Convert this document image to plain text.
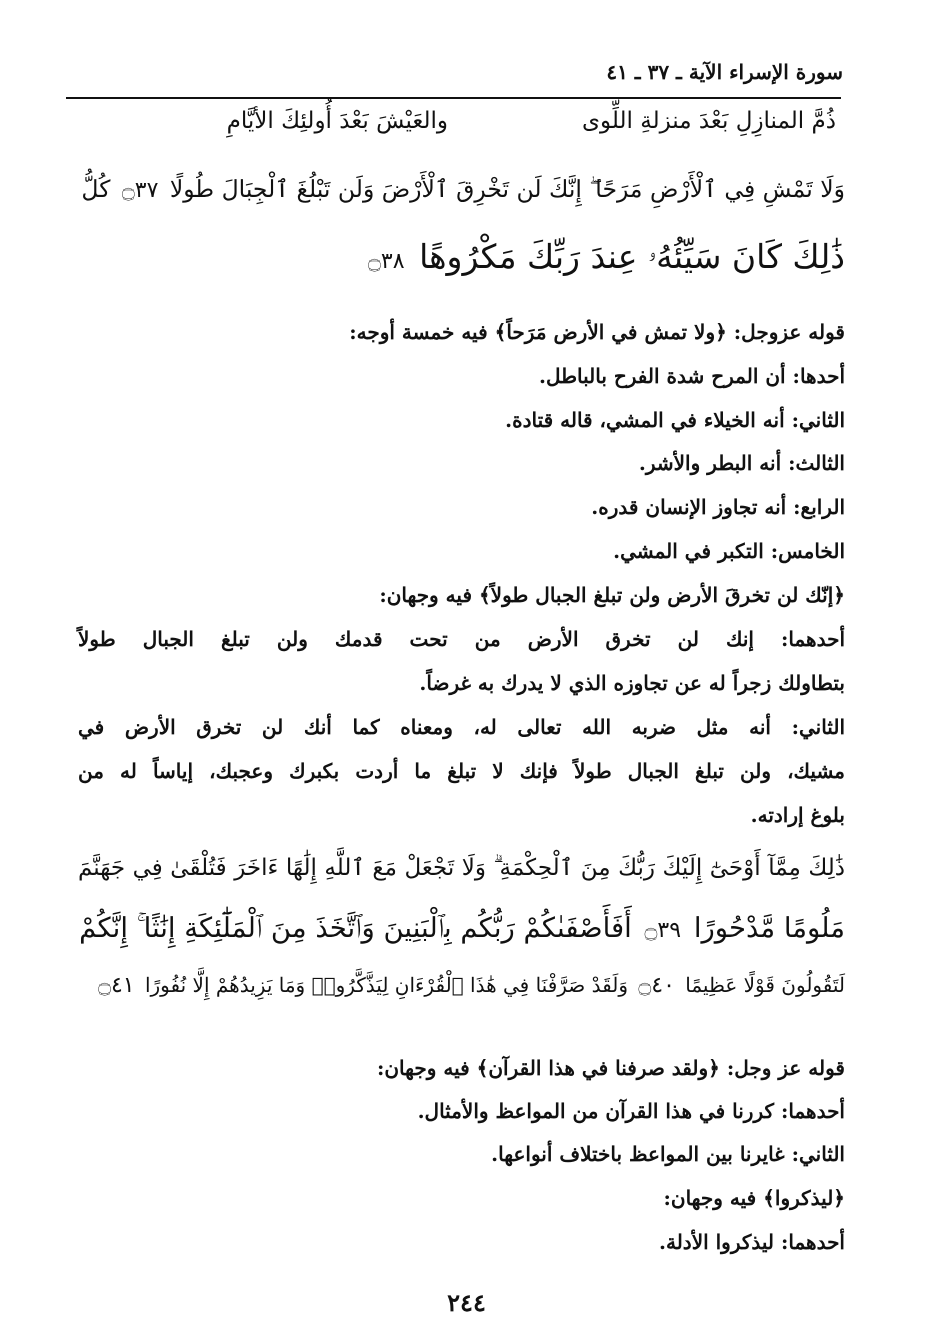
سورة الإسراء الآية ـ ٣٧ ـ ٤١
ذُمَّ المنازِلِ بَعْدَ منزلةِ اللِّوى
والعَيْشَ بَعْدَ أُولئِكَ الأيَّامِ
وَلَا تَمْشِ فِي ٱلْأَرْضِ مَرَحًا ۖ إِنَّكَ لَن تَخْرِقَ ٱلْأَرْضَ وَلَن تَبْلُغَ ٱلْجِبَالَ طُولًا ۝٣٧ كُلُّ
ذَٰلِكَ كَانَ سَيِّئُهُۥ عِندَ رَبِّكَ مَكْرُوهًا ۝٣٨
قوله عزوجل: ﴿ولا تمش في الأرض مَرَحاً﴾ فيه خمسة أوجه:
أحدها: أن المرح شدة الفرح بالباطل.
الثاني: أنه الخيلاء في المشي، قاله قتادة.
الثالث: أنه البطر والأشر.
الرابع: أنه تجاوز الإنسان قدره.
الخامس: التكبر في المشي.
﴿إنّك لن تخرقَ الأرض ولن تبلغ الجبال طولاً﴾ فيه وجهان:
أحدهما: إنك لن تخرق الأرض من تحت قدمك ولن تبلغ الجبال طولاً
بتطاولك زجراً له عن تجاوزه الذي لا يدرك به غرضاً.
الثاني: أنه مثل ضربه الله تعالى له، ومعناه كما أنك لن تخرق الأرض في
مشيك، ولن تبلغ الجبال طولاً فإنك لا تبلغ ما أردت بكبرك وعجبك، إياساً له من
بلوغ إرادته.
ذَٰلِكَ مِمَّآ أَوْحَىٰٓ إِلَيْكَ رَبُّكَ مِنَ ٱلْحِكْمَةِ ۗ وَلَا تَجْعَلْ مَعَ ٱللَّهِ إِلَٰهًا ءَاخَرَ فَتُلْقَىٰ فِي جَهَنَّمَ
مَلُومًا مَّدْحُورًا ۝٣٩ أَفَأَصْفَىٰكُمْ رَبُّكُم بِٱلْبَنِينَ وَٱتَّخَذَ مِنَ ٱلْمَلَٰٓئِكَةِ إِنَٰثًا ۚ إِنَّكُمْ
لَتَقُولُونَ قَوْلًا عَظِيمًا ۝٤٠ وَلَقَدْ صَرَّفْنَا فِي هَٰذَا ٱلْقُرْءَانِ لِيَذَّكَّرُوا۟ وَمَا يَزِيدُهُمْ إِلَّا نُفُورًا ۝٤١
قوله عز وجل: ﴿ولقد صرفنا في هذا القرآن﴾ فيه وجهان:
أحدهما: كررنا في هذا القرآن من المواعظ والأمثال.
الثاني: غايرنا بين المواعظ باختلاف أنواعها.
﴿ليذكروا﴾ فيه وجهان:
أحدهما: ليذكروا الأدلة.
٢٤٤
